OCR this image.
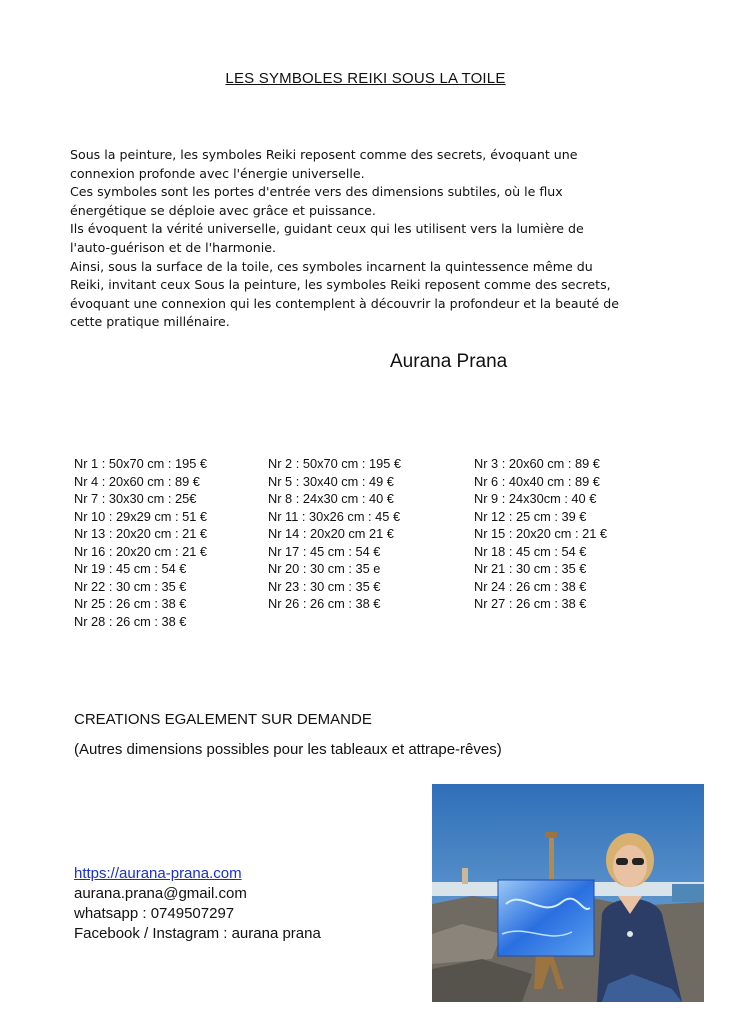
LES SYMBOLES REIKI SOUS LA TOILE
Sous la peinture, les symboles Reiki reposent comme des secrets, évoquant une
connexion profonde avec l'énergie universelle.
Ces symboles sont les portes d'entrée vers des dimensions subtiles, où le flux
énergétique se déploie avec grâce et puissance.
Ils évoquent la vérité universelle, guidant ceux qui les utilisent vers la lumière de
l'auto-guérison et de l'harmonie.
Ainsi, sous la surface de la toile, ces symboles incarnent la quintessence même du
Reiki, invitant ceux Sous la peinture, les symboles Reiki reposent comme des secrets,
évoquant une connexion qui les contemplent à découvrir la profondeur et la beauté de
cette pratique millénaire.
Aurana Prana
Nr 1 : 50x70 cm : 195 €
Nr 4 : 20x60 cm : 89 €
Nr 7 : 30x30 cm : 25€
Nr 10 : 29x29 cm : 51 €
Nr 13 : 20x20 cm : 21 €
Nr 16 : 20x20 cm : 21 €
Nr 19 : 45 cm : 54 €
Nr 22 : 30 cm : 35 €
Nr 25 : 26 cm : 38 €
Nr 28 : 26 cm : 38 €
Nr 2 : 50x70 cm : 195 €
Nr 5 : 30x40 cm : 49 €
Nr 8 : 24x30 cm : 40 €
Nr 11 : 30x26 cm : 45 €
Nr 14 : 20x20 cm 21 €
Nr 17 : 45 cm : 54 €
Nr 20 : 30 cm : 35 e
Nr 23 : 30 cm : 35 €
Nr 26 : 26 cm : 38 €
Nr 3 : 20x60 cm : 89 €
Nr 6 : 40x40 cm : 89 €
Nr 9 : 24x30cm : 40 €
Nr 12 : 25 cm : 39 €
Nr 15 : 20x20 cm : 21 €
Nr 18 : 45 cm : 54 €
Nr 21 : 30 cm : 35 €
Nr 24 : 26 cm : 38 €
Nr 27 : 26 cm : 38 €
CREATIONS EGALEMENT SUR DEMANDE
(Autres dimensions possibles pour les tableaux et attrape-rêves)
https://aurana-prana.com
aurana.prana@gmail.com
whatsapp : 0749507297
Facebook / Instagram : aurana prana
